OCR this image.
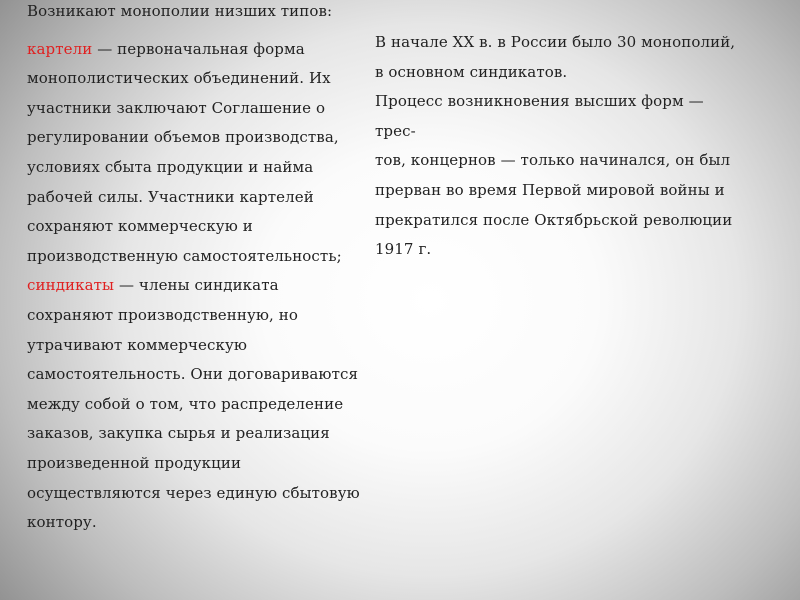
Возникают монополии низших типов:
картели — первоначальная форма
монополистических объединений. Их
участники заключают Соглашение о
регулировании объемов производства,
условиях сбыта продукции и найма
рабочей силы. Участники картелей
сохраняют коммерческую и
производственную самостоятельность;
синдикаты — члены синдиката
сохраняют производственную, но
утрачивают коммерческую
самостоятельность. Они договариваются
между собой о том, что распределение
заказов, закупка сырья и реализация
произведенной продукции
осуществляются через единую сбытовую
контору.
В начале XX в. в России было 30 монополий,
в основном синдикатов.
Процесс возникновения высших форм —
трес-
тов, концернов — только начинался, он был
прерван во время Первой мировой войны и
прекратился после Октябрьской революции
1917 г.
